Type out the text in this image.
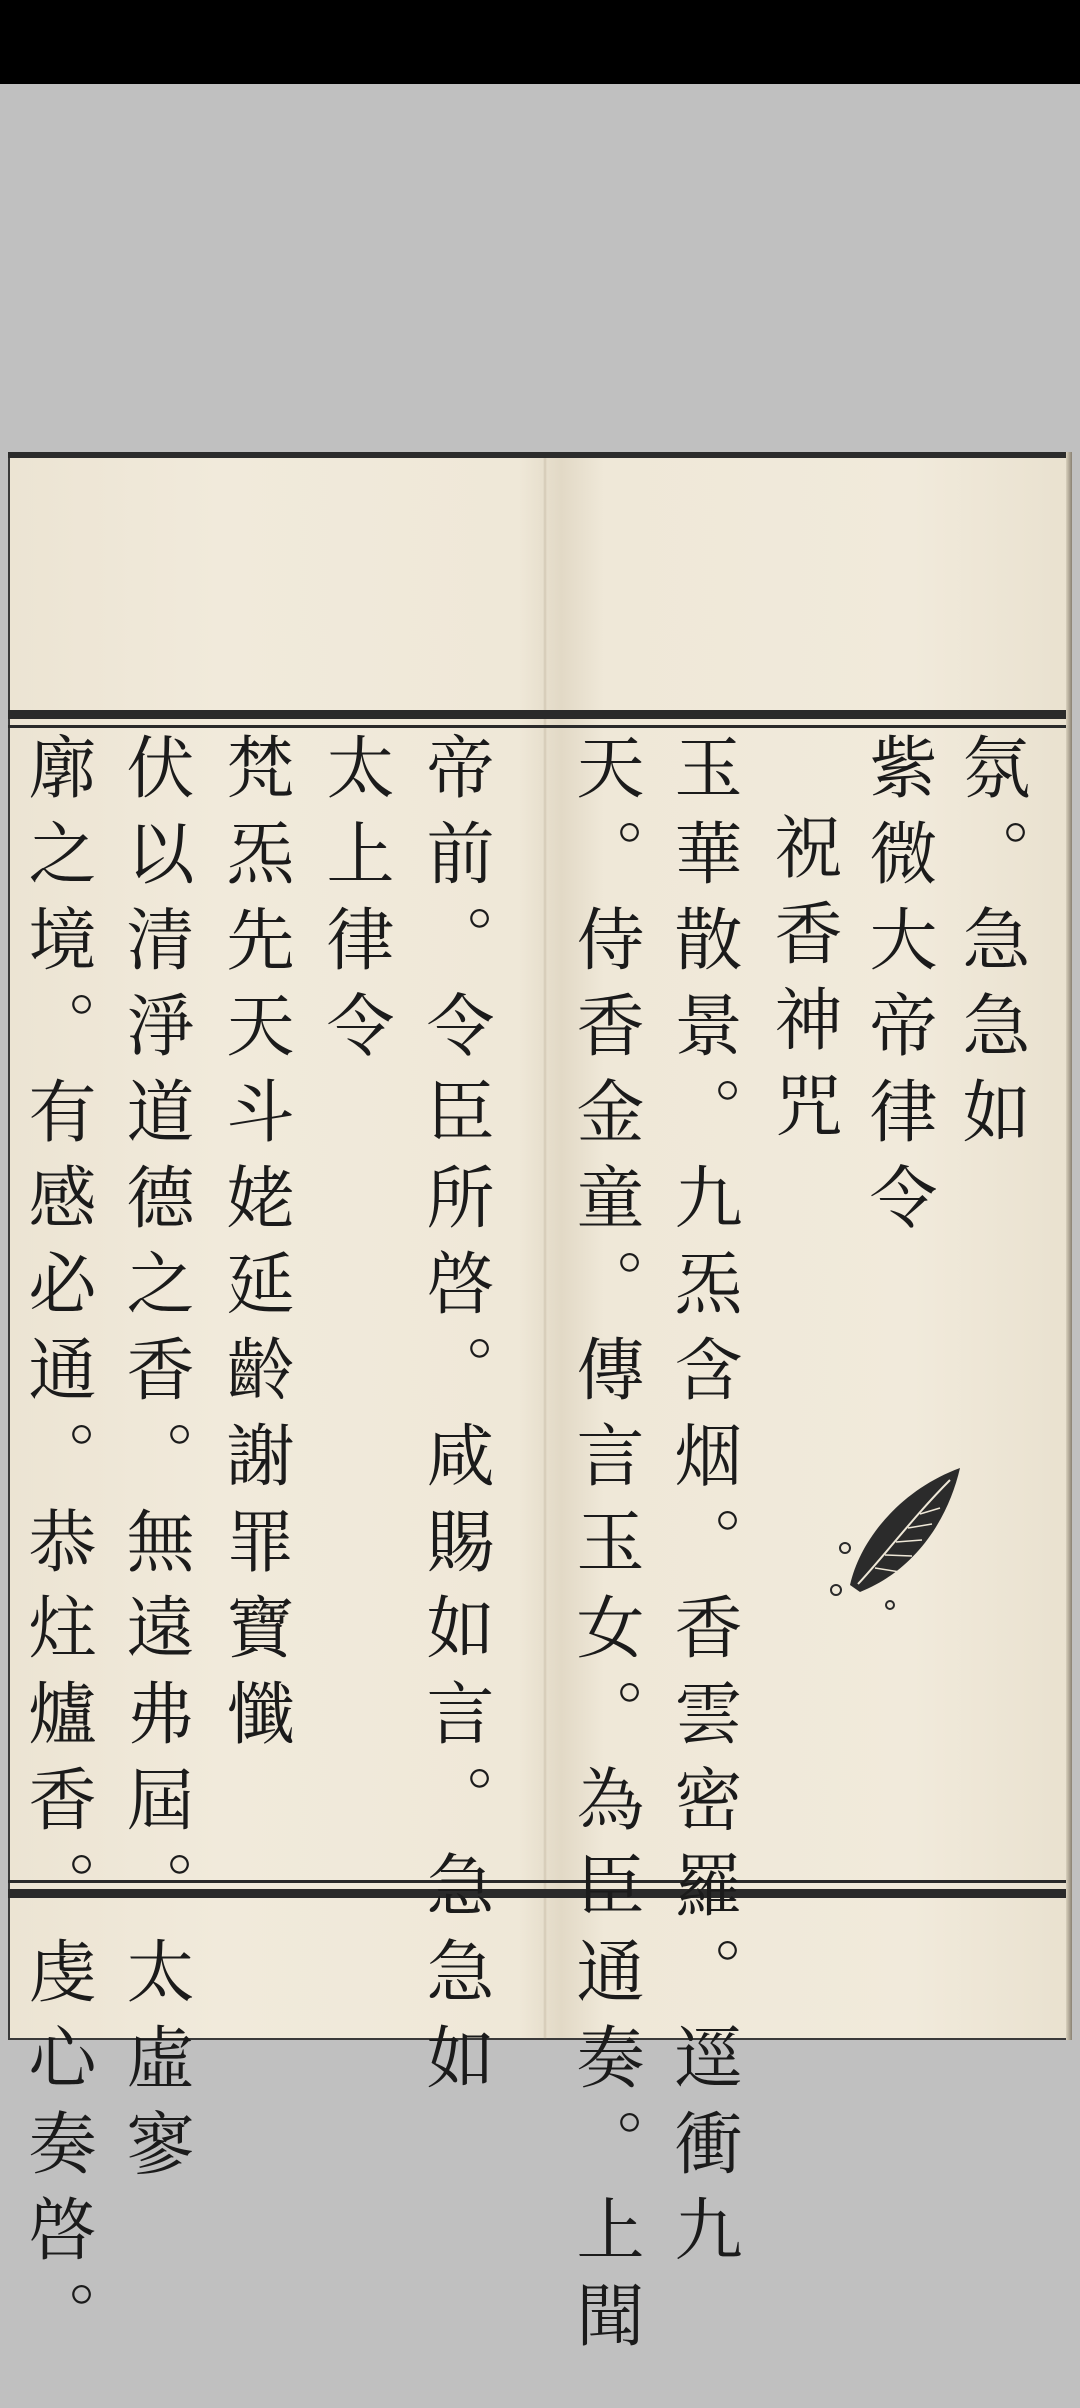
氛。急急如
紫微大帝律令
祝香神咒
玉華散景。九炁含烟。香雲密羅。逕衝九
天。侍香金童。傳言玉女。為臣通奏。上聞
帝前。令臣所啓。咸賜如言。急急如
太上律令
梵炁先天斗姥延齡謝罪寶懺
伏以清淨道德之香。無遠弗屆。太虛寥
廓之境。有感必通。恭炷爐香。虔心奏啓。
